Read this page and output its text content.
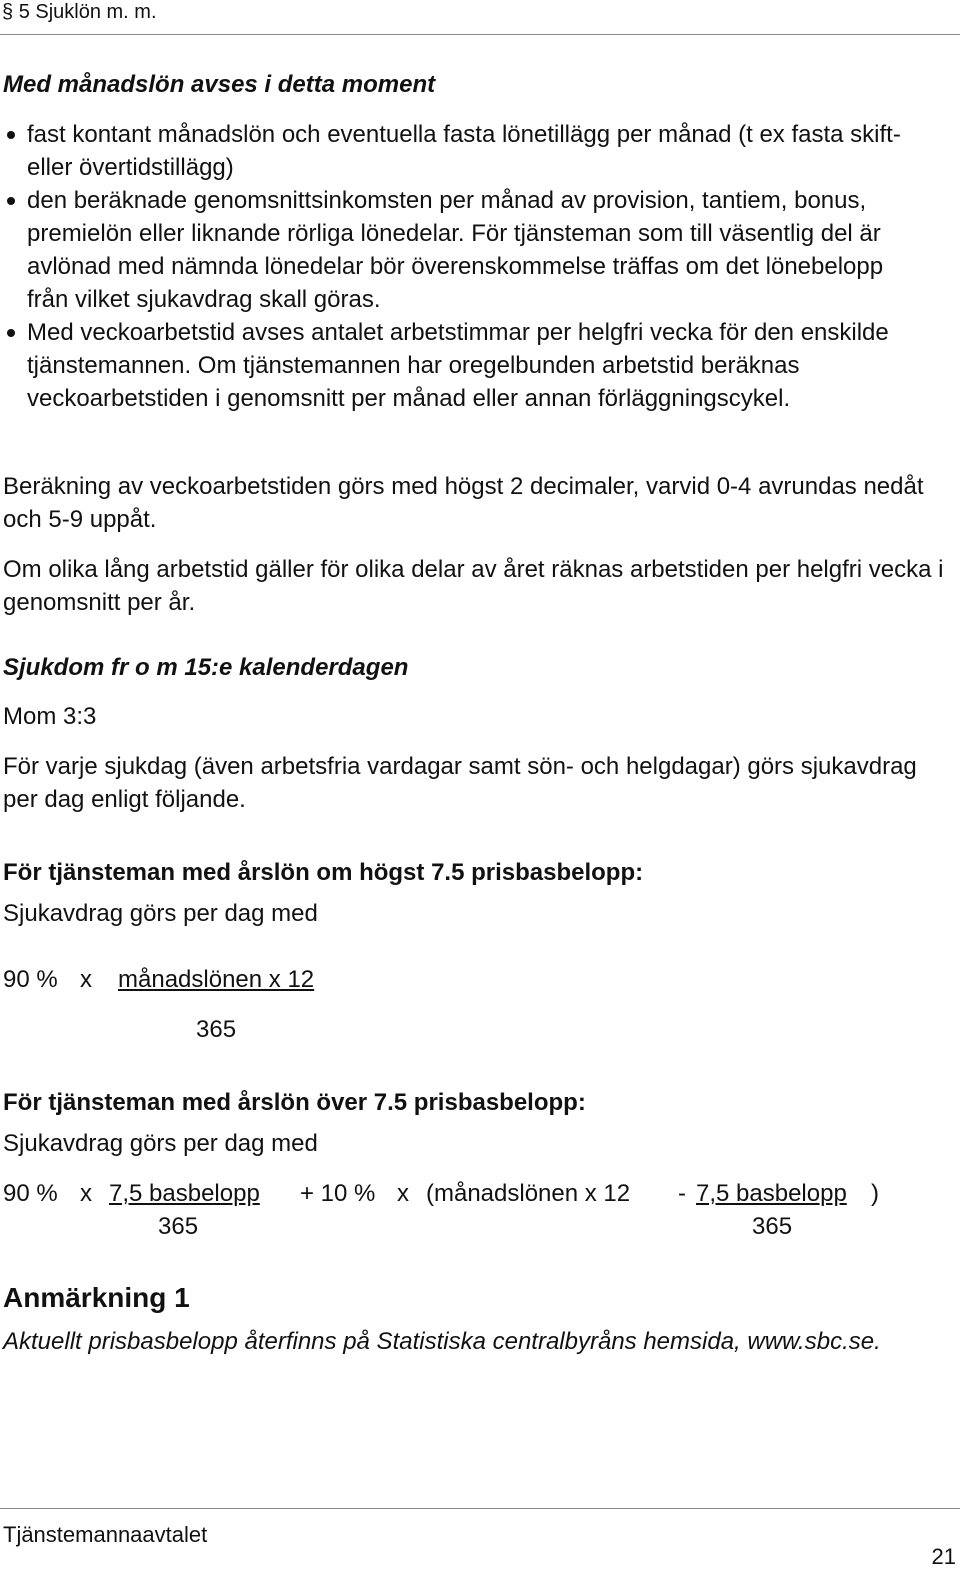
§ 5 Sjuklön m. m.

Med månadslön avses i detta moment

fast kontant månadslön och eventuella fasta lönetillägg per månad (t ex fasta skift- eller övertidstillägg)
den beräknade genomsnittsinkomsten per månad av provision, tantiem, bonus, premielön eller liknande rörliga lönedelar. För tjänsteman som till väsentlig del är avlönad med nämnda lönedelar bör överenskommelse träffas om det lönebelopp från vilket sjukavdrag skall göras.
Med veckoarbetstid avses antalet arbetstimmar per helgfri vecka för den enskilde tjänstemannen. Om tjänstemannen har oregelbunden arbetstid beräknas veckoarbetstiden i genomsnitt per månad eller annan förläggningscykel.

Beräkning av veckoarbetstiden görs med högst 2 decimaler, varvid 0-4 avrundas nedåt och 5-9 uppåt.

Om olika lång arbetstid gäller för olika delar av året räknas arbetstiden per helgfri vecka i genomsnitt per år.

Sjukdom fr o m 15:e kalenderdagen

Mom 3:3

För varje sjukdag (även arbetsfria vardagar samt sön- och helgdagar) görs sjukavdrag per dag enligt följande.

För tjänsteman med årslön om högst 7.5 prisbasbelopp:

Sjukavdrag görs per dag med

90 % x månadslönen x 12
365

För tjänsteman med årslön över 7.5 prisbasbelopp:

Sjukavdrag görs per dag med

90 % x 7,5 basbelopp + 10 % x (månadslönen x 12 - 7,5 basbelopp )
365	365

Anmärkning 1

Aktuellt prisbasbelopp återfinns på Statistiska centralbyråns hemsida, www.sbc.se.

Tjänstemannaavtalet

21
